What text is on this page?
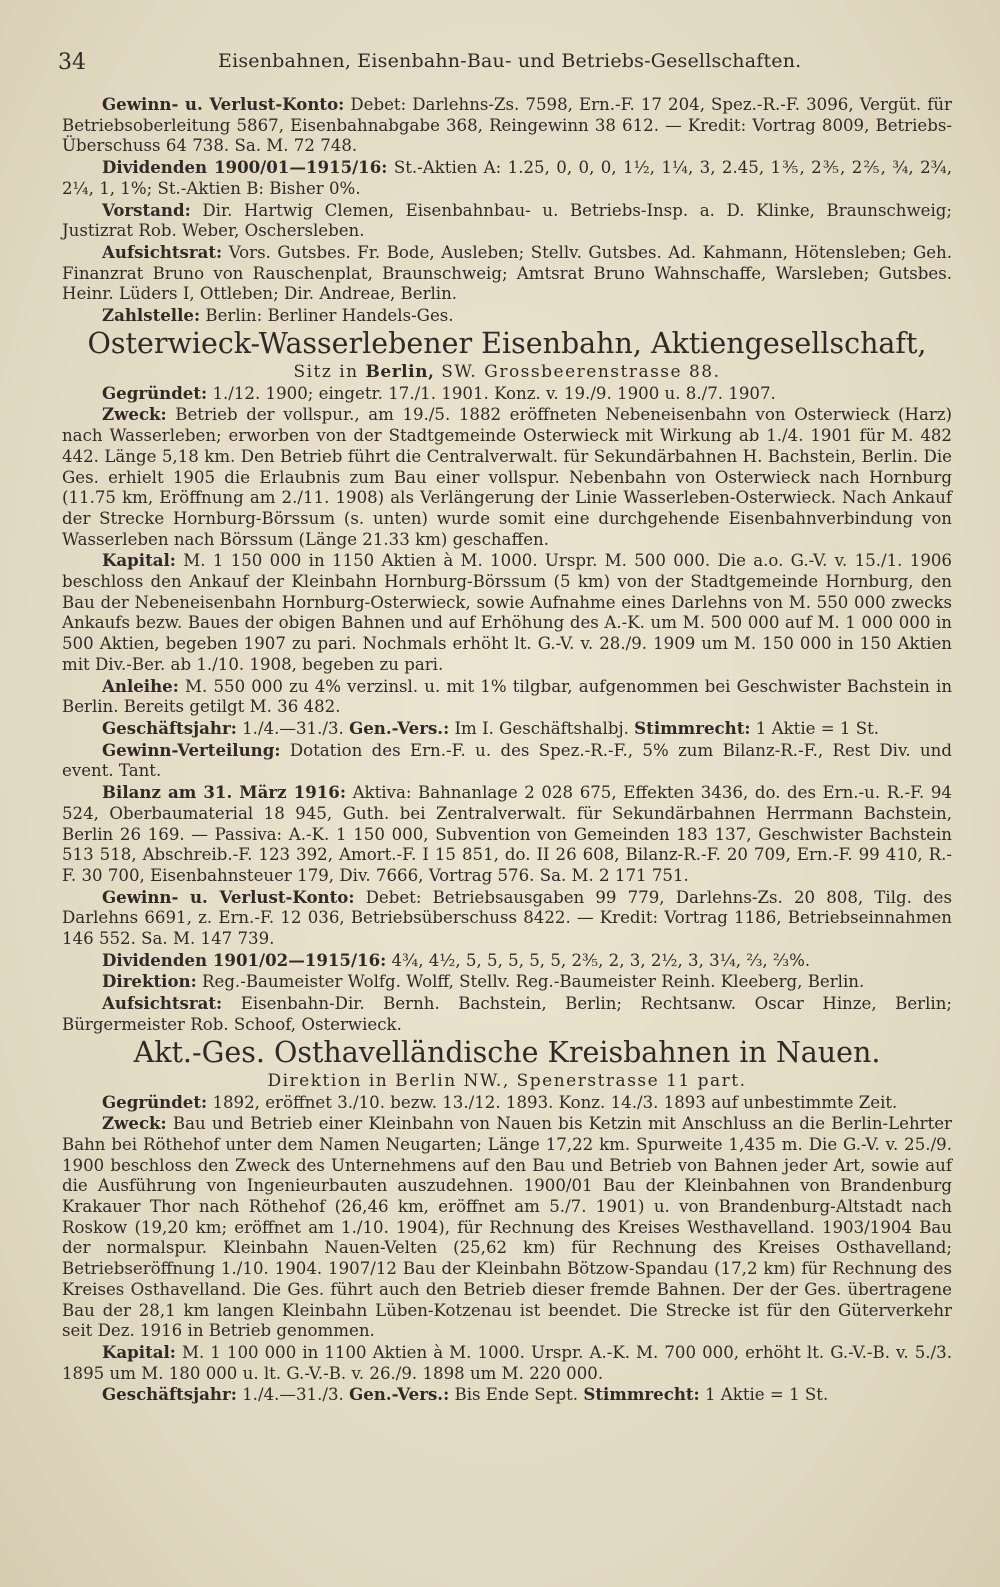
34	Eisenbahnen, Eisenbahn-Bau- und Betriebs-Gesellschaften.

Gewinn- u. Verlust-Konto: Debet: Darlehns-Zs. 7598, Ern.-F. 17 204, Spez.-R.-F. 3096, Vergüt. für Betriebsoberleitung 5867, Eisenbahnabgabe 368, Reingewinn 38 612. — Kredit: Vortrag 8009, Betriebs-Überschuss 64 738. Sa. M. 72 748.

Dividenden 1900/01—1915/16: St.-Aktien A: 1.25, 0, 0, 0, 1½, 1¼, 3, 2.45, 1⅗, 2⅗, 2⅖, ¾, 2¾, 2¼, 1, 1%; St.-Aktien B: Bisher 0%.

Vorstand: Dir. Hartwig Clemen, Eisenbahnbau- u. Betriebs-Insp. a. D. Klinke, Braunschweig; Justizrat Rob. Weber, Oschersleben.

Aufsichtsrat: Vors. Gutsbes. Fr. Bode, Ausleben; Stellv. Gutsbes. Ad. Kahmann, Hötensleben; Geh. Finanzrat Bruno von Rauschenplat, Braunschweig; Amtsrat Bruno Wahnschaffe, Warsleben; Gutsbes. Heinr. Lüders I, Ottleben; Dir. Andreae, Berlin.

Zahlstelle: Berlin: Berliner Handels-Ges.

Osterwieck-Wasserlebener Eisenbahn, Aktiengesellschaft,

Sitz in Berlin, SW. Grossbeerenstrasse 88.

Gegründet: 1./12. 1900; eingetr. 17./1. 1901. Konz. v. 19./9. 1900 u. 8./7. 1907.

Zweck: Betrieb der vollspur., am 19./5. 1882 eröffneten Nebeneisenbahn von Osterwieck (Harz) nach Wasserleben; erworben von der Stadtgemeinde Osterwieck mit Wirkung ab 1./4. 1901 für M. 482 442. Länge 5,18 km. Den Betrieb führt die Centralverwalt. für Sekundärbahnen H. Bachstein, Berlin. Die Ges. erhielt 1905 die Erlaubnis zum Bau einer vollspur. Nebenbahn von Osterwieck nach Hornburg (11.75 km, Eröffnung am 2./11. 1908) als Verlängerung der Linie Wasserleben-Osterwieck. Nach Ankauf der Strecke Hornburg-Börssum (s. unten) wurde somit eine durchgehende Eisenbahnverbindung von Wasserleben nach Börssum (Länge 21.33 km) geschaffen.

Kapital: M. 1 150 000 in 1150 Aktien à M. 1000. Urspr. M. 500 000. Die a.o. G.-V. v. 15./1. 1906 beschloss den Ankauf der Kleinbahn Hornburg-Börssum (5 km) von der Stadtgemeinde Hornburg, den Bau der Nebeneisenbahn Hornburg-Osterwieck, sowie Aufnahme eines Darlehns von M. 550 000 zwecks Ankaufs bezw. Baues der obigen Bahnen und auf Erhöhung des A.-K. um M. 500 000 auf M. 1 000 000 in 500 Aktien, begeben 1907 zu pari. Nochmals erhöht lt. G.-V. v. 28./9. 1909 um M. 150 000 in 150 Aktien mit Div.-Ber. ab 1./10. 1908, begeben zu pari.

Anleihe: M. 550 000 zu 4% verzinsl. u. mit 1% tilgbar, aufgenommen bei Geschwister Bachstein in Berlin. Bereits getilgt M. 36 482.

Geschäftsjahr: 1./4.—31./3. Gen.-Vers.: Im I. Geschäftshalbj. Stimmrecht: 1 Aktie = 1 St.

Gewinn-Verteilung: Dotation des Ern.-F. u. des Spez.-R.-F., 5% zum Bilanz-R.-F., Rest Div. und event. Tant.

Bilanz am 31. März 1916: Aktiva: Bahnanlage 2 028 675, Effekten 3436, do. des Ern.-u. R.-F. 94 524, Oberbaumaterial 18 945, Guth. bei Zentralverwalt. für Sekundärbahnen Herrmann Bachstein, Berlin 26 169. — Passiva: A.-K. 1 150 000, Subvention von Gemeinden 183 137, Geschwister Bachstein 513 518, Abschreib.-F. 123 392, Amort.-F. I 15 851, do. II 26 608, Bilanz-R.-F. 20 709, Ern.-F. 99 410, R.-F. 30 700, Eisenbahnsteuer 179, Div. 7666, Vortrag 576. Sa. M. 2 171 751.

Gewinn- u. Verlust-Konto: Debet: Betriebsausgaben 99 779, Darlehns-Zs. 20 808, Tilg. des Darlehns 6691, z. Ern.-F. 12 036, Betriebsüberschuss 8422. — Kredit: Vortrag 1186, Betriebseinnahmen 146 552. Sa. M. 147 739.

Dividenden 1901/02—1915/16: 4¾, 4½, 5, 5, 5, 5, 5, 2⅗, 2, 3, 2½, 3, 3¼, ⅔, ⅔%.

Direktion: Reg.-Baumeister Wolfg. Wolff, Stellv. Reg.-Baumeister Reinh. Kleeberg, Berlin.

Aufsichtsrat: Eisenbahn-Dir. Bernh. Bachstein, Berlin; Rechtsanw. Oscar Hinze, Berlin; Bürgermeister Rob. Schoof, Osterwieck.

Akt.-Ges. Osthavelländische Kreisbahnen in Nauen.

Direktion in Berlin NW., Spenerstrasse 11 part.

Gegründet: 1892, eröffnet 3./10. bezw. 13./12. 1893. Konz. 14./3. 1893 auf unbestimmte Zeit.

Zweck: Bau und Betrieb einer Kleinbahn von Nauen bis Ketzin mit Anschluss an die Berlin-Lehrter Bahn bei Röthehof unter dem Namen Neugarten; Länge 17,22 km. Spurweite 1,435 m. Die G.-V. v. 25./9. 1900 beschloss den Zweck des Unternehmens auf den Bau und Betrieb von Bahnen jeder Art, sowie auf die Ausführung von Ingenieurbauten auszudehnen. 1900/01 Bau der Kleinbahnen von Brandenburg Krakauer Thor nach Röthehof (26,46 km, eröffnet am 5./7. 1901) u. von Brandenburg-Altstadt nach Roskow (19,20 km; eröffnet am 1./10. 1904), für Rechnung des Kreises Westhavelland. 1903/1904 Bau der normalspur. Kleinbahn Nauen-Velten (25,62 km) für Rechnung des Kreises Osthavelland; Betriebseröffnung 1./10. 1904. 1907/12 Bau der Kleinbahn Bötzow-Spandau (17,2 km) für Rechnung des Kreises Osthavelland. Die Ges. führt auch den Betrieb dieser fremde Bahnen. Der der Ges. übertragene Bau der 28,1 km langen Kleinbahn Lüben-Kotzenau ist beendet. Die Strecke ist für den Güterverkehr seit Dez. 1916 in Betrieb genommen.

Kapital: M. 1 100 000 in 1100 Aktien à M. 1000. Urspr. A.-K. M. 700 000, erhöht lt. G.-V.-B. v. 5./3. 1895 um M. 180 000 u. lt. G.-V.-B. v. 26./9. 1898 um M. 220 000.

Geschäftsjahr: 1./4.—31./3. Gen.-Vers.: Bis Ende Sept. Stimmrecht: 1 Aktie = 1 St.
